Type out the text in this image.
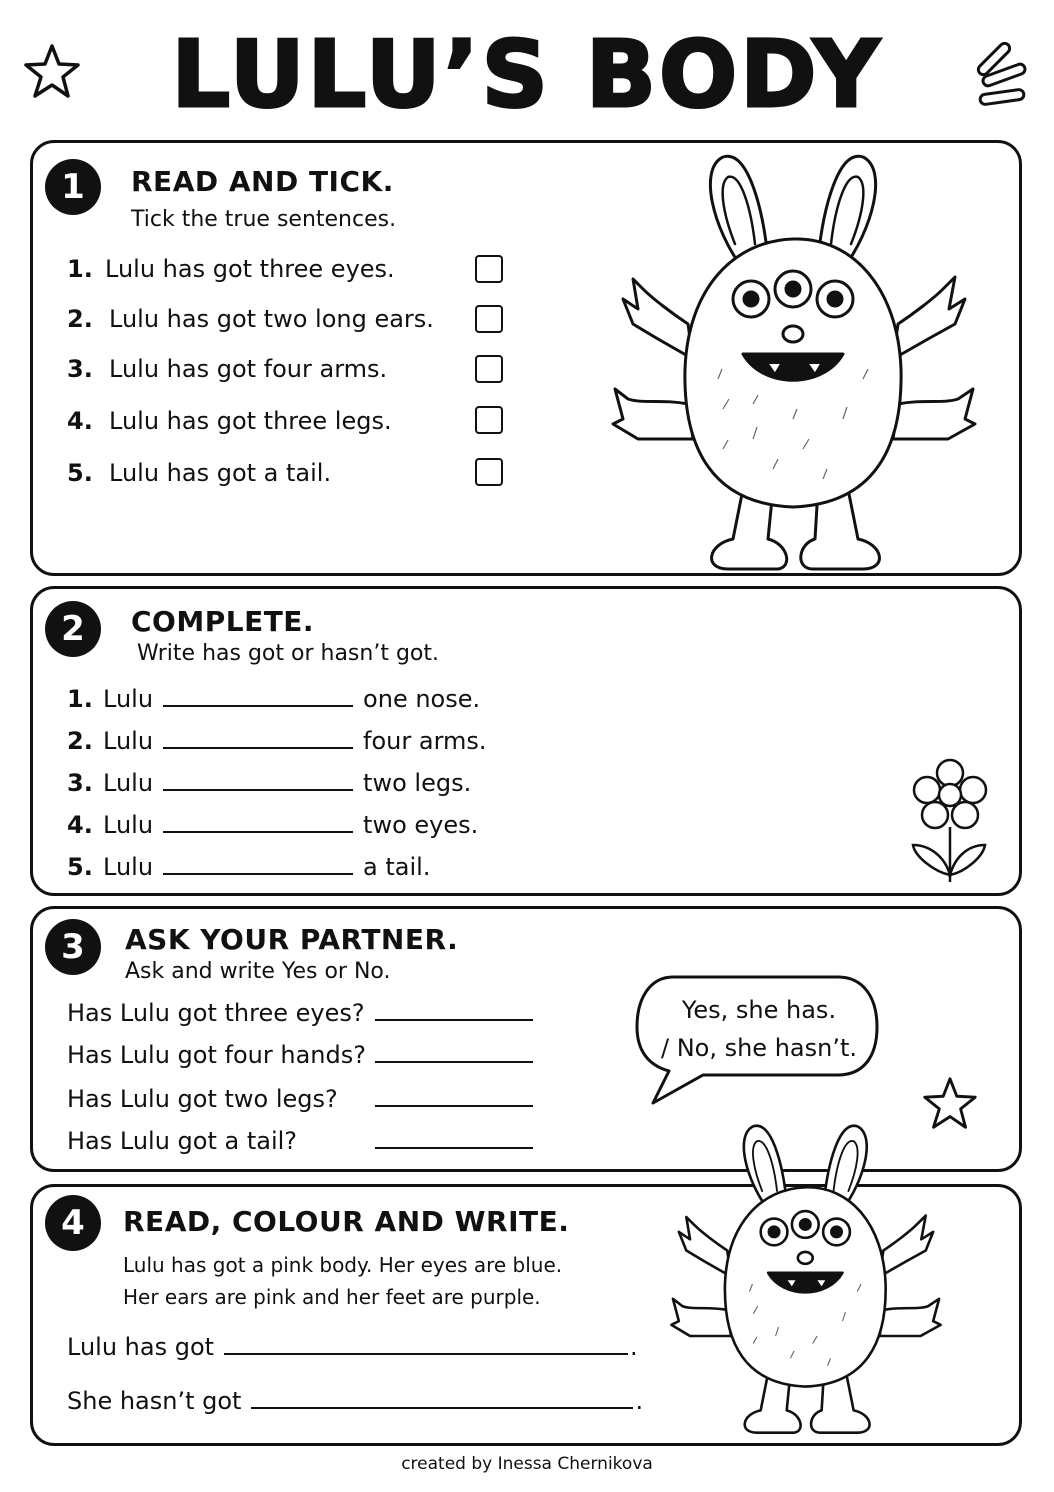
LULU’S BODY
1	READ AND TICK.
Tick the true sentences.
1. Lulu has got three eyes.
2. Lulu has got two long ears.
3. Lulu has got four arms.
4. Lulu has got three legs.
5. Lulu has got a tail.
2	COMPLETE.
Write has got or hasn’t got.
1. Lulu	one nose.
2. Lulu	four arms.
3. Lulu	two legs.
4. Lulu	two eyes.
5. Lulu	a tail.
3	ASK YOUR PARTNER.
Ask and write Yes or No.
Has Lulu got three eyes?
Has Lulu got four hands?
Has Lulu got two legs?
Has Lulu got a tail?
Yes, she has.
/ No, she hasn’t.
4	READ, COLOUR AND WRITE.
Lulu has got a pink body. Her eyes are blue.
Her ears are pink and her feet are purple.
Lulu has got	.
She hasn’t got	.
created by Inessa Chernikova
